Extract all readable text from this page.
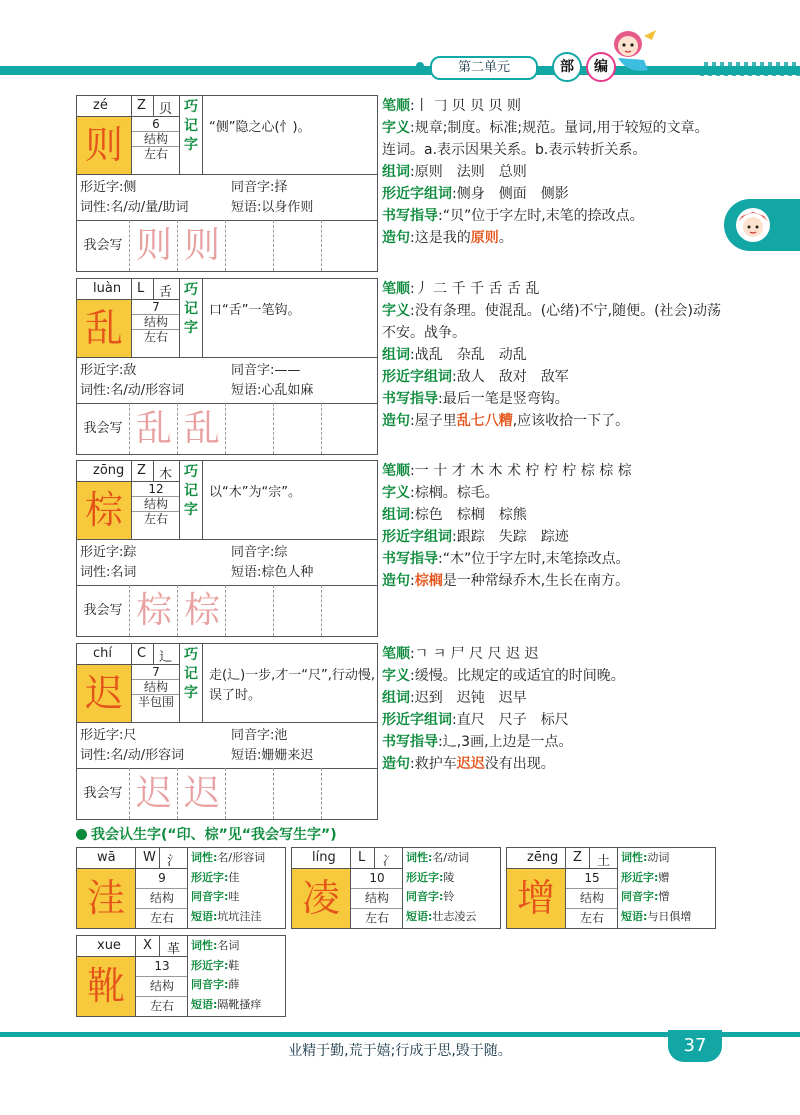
第二单元	部	编
zé Z 贝
则	6
结构
左右
巧
记
字
“侧”隐之心(忄)。
形近字:侧	同音字:择
词性:名/动/量/助词	短语:以身作则
我会写 则 则
笔顺:丨 𠃌 贝 贝 贝 则
字义:规章;制度。标准;规范。量词,用于较短的文章。连词。a.表示因果关系。b.表示转折关系。
组词:原则　法则　总则
形近字组词:侧身　侧面　侧影
书写指导:“贝”位于字左时,末笔的捺改点。
造句:这是我的原则。
luàn L 舌
乱	7
结构
左右
巧
记
字
口“舌”一笔钩。
形近字:敌	同音字:——
词性:名/动/形容词	短语:心乱如麻
我会写 乱 乱
笔顺:丿 二 千 千 舌 舌 乱
字义:没有条理。使混乱。(心绪)不宁,随便。(社会)动荡不安。战争。
组词:战乱　杂乱　动乱
形近字组词:敌人　敌对　敌军
书写指导:最后一笔是竖弯钩。
造句:屋子里乱七八糟,应该收拾一下了。
zōng Z 木
棕	12
结构
左右
巧
记
字
以“木”为“宗”。
形近字:踪	同音字:综
词性:名词	短语:棕色人种
我会写 棕 棕
笔顺:一 十 才 木 木 术 柠 柠 柠 棕 棕 棕
字义:棕榈。棕毛。
组词:棕色　棕榈　棕熊
形近字组词:跟踪　失踪　踪迹
书写指导:“木”位于字左时,末笔捺改点。
造句:棕榈是一种常绿乔木,生长在南方。
chí C 辶
迟	7
结构
半包围
巧
记
字
走(辶)一步,才一“尺”,行动慢,误了时。
形近字:尺	同音字:池
词性:名/动/形容词	短语:姗姗来迟
我会写 迟 迟
笔顺:ㄱ ㅋ 尸 尺 尺 迟 迟
字义:缓慢。比规定的或适宜的时间晚。
组词:迟到　迟钝　迟早
形近字组词:直尺　尺子　标尺
书写指导:辶,3画,上边是一点。
造句:救护车迟迟没有出现。
我会认生字(“印、棕”见“我会写生字”)
wā W 氵
洼	9
结构
左右
词性:名/形容词
形近字:佳
同音字:哇
短语:坑坑洼洼
líng L 冫
凌	10
结构
左右
词性:名/动词
形近字:陵
同音字:铃
短语:壮志凌云
zēng Z 土
增	15
结构
左右
词性:动词
形近字:赠
同音字:憎
短语:与日俱增
xue X 革
靴	13
结构
左右
词性:名词
形近字:鞋
同音字:薛
短语:隔靴搔痒
业精于勤,荒于嬉;行成于思,毁于随。	37
